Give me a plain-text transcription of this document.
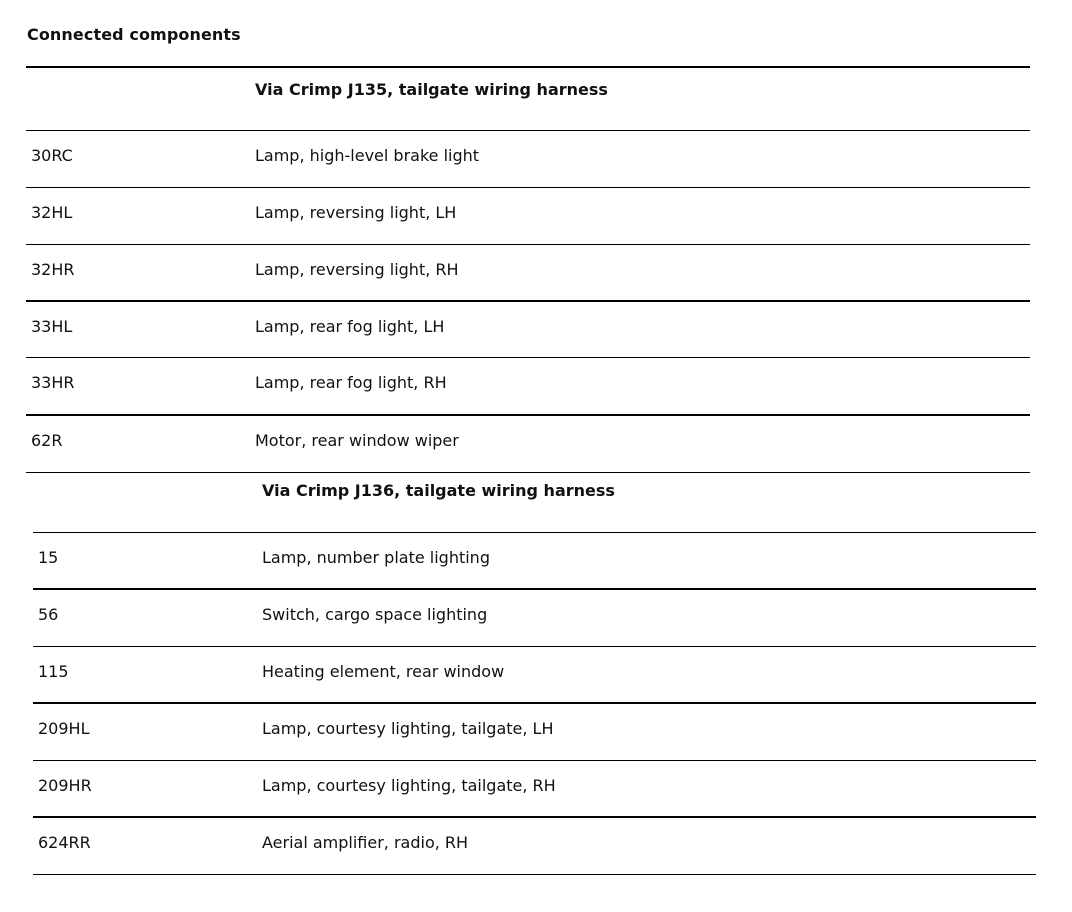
Connected components
Via Crimp J135, tailgate wiring harness
30RC	Lamp, high-level brake light
32HL	Lamp, reversing light, LH
32HR	Lamp, reversing light, RH
33HL	Lamp, rear fog light, LH
33HR	Lamp, rear fog light, RH
62R	Motor, rear window wiper
Via Crimp J136, tailgate wiring harness
15	Lamp, number plate lighting
56	Switch, cargo space lighting
115	Heating element, rear window
209HL	Lamp, courtesy lighting, tailgate, LH
209HR	Lamp, courtesy lighting, tailgate, RH
624RR	Aerial amplifier, radio, RH
